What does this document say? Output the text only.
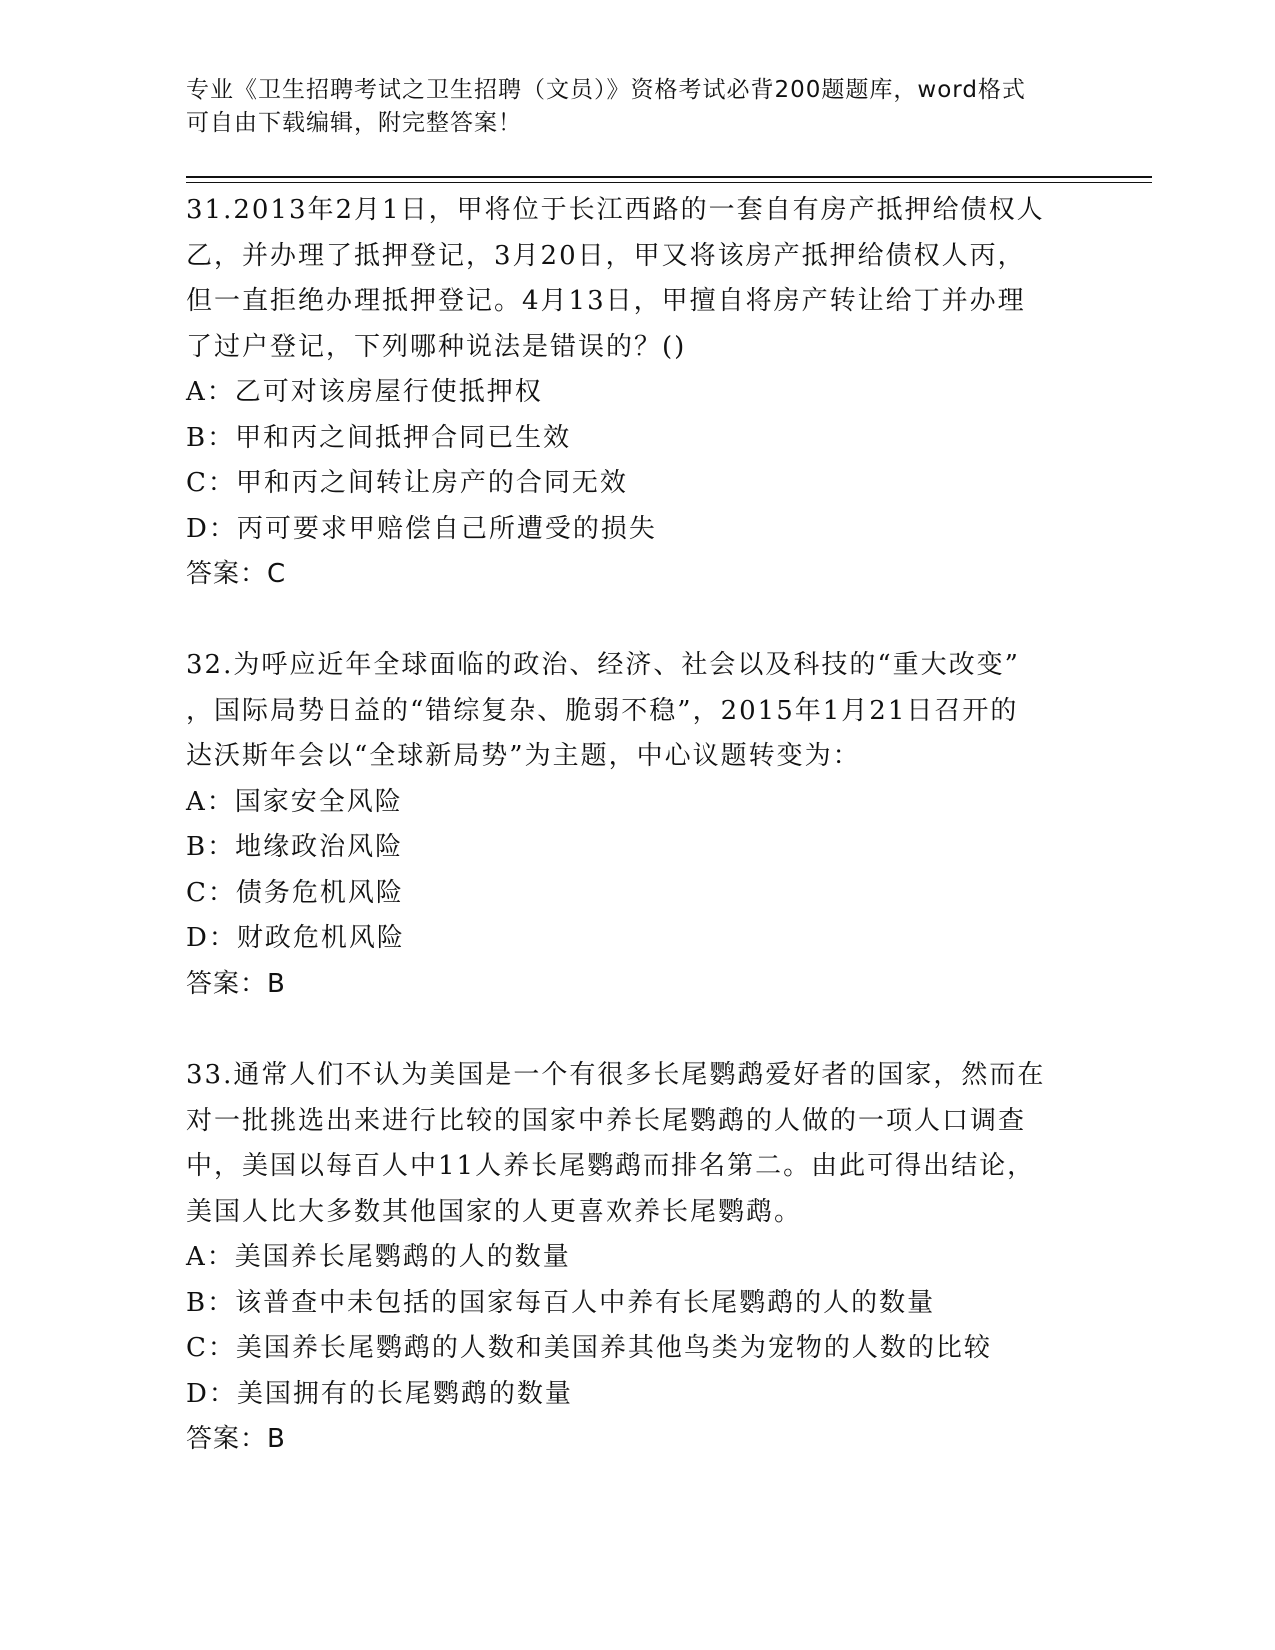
专业《卫生招聘考试之卫生招聘（文员）》资格考试必背200题题库，word格式
可自由下载编辑，附完整答案！
31.2013年2月1日，甲将位于长江西路的一套自有房产抵押给债权人
乙，并办理了抵押登记，3月20日，甲又将该房产抵押给债权人丙，
但一直拒绝办理抵押登记。4月13日，甲擅自将房产转让给丁并办理
了过户登记，下列哪种说法是错误的？()
A：乙可对该房屋行使抵押权
B：甲和丙之间抵押合同已生效
C：甲和丙之间转让房产的合同无效
D：丙可要求甲赔偿自己所遭受的损失
答案：C
32.为呼应近年全球面临的政治、经济、社会以及科技的“重大改变”
，国际局势日益的“错综复杂、脆弱不稳”，2015年1月21日召开的
达沃斯年会以“全球新局势”为主题，中心议题转变为：
A：国家安全风险
B：地缘政治风险
C：债务危机风险
D：财政危机风险
答案：B
33.通常人们不认为美国是一个有很多长尾鹦鹉爱好者的国家，然而在
对一批挑选出来进行比较的国家中养长尾鹦鹉的人做的一项人口调查
中，美国以每百人中11人养长尾鹦鹉而排名第二。由此可得出结论，
美国人比大多数其他国家的人更喜欢养长尾鹦鹉。
A：美国养长尾鹦鹉的人的数量
B：该普查中未包括的国家每百人中养有长尾鹦鹉的人的数量
C：美国养长尾鹦鹉的人数和美国养其他鸟类为宠物的人数的比较
D：美国拥有的长尾鹦鹉的数量
答案：B
